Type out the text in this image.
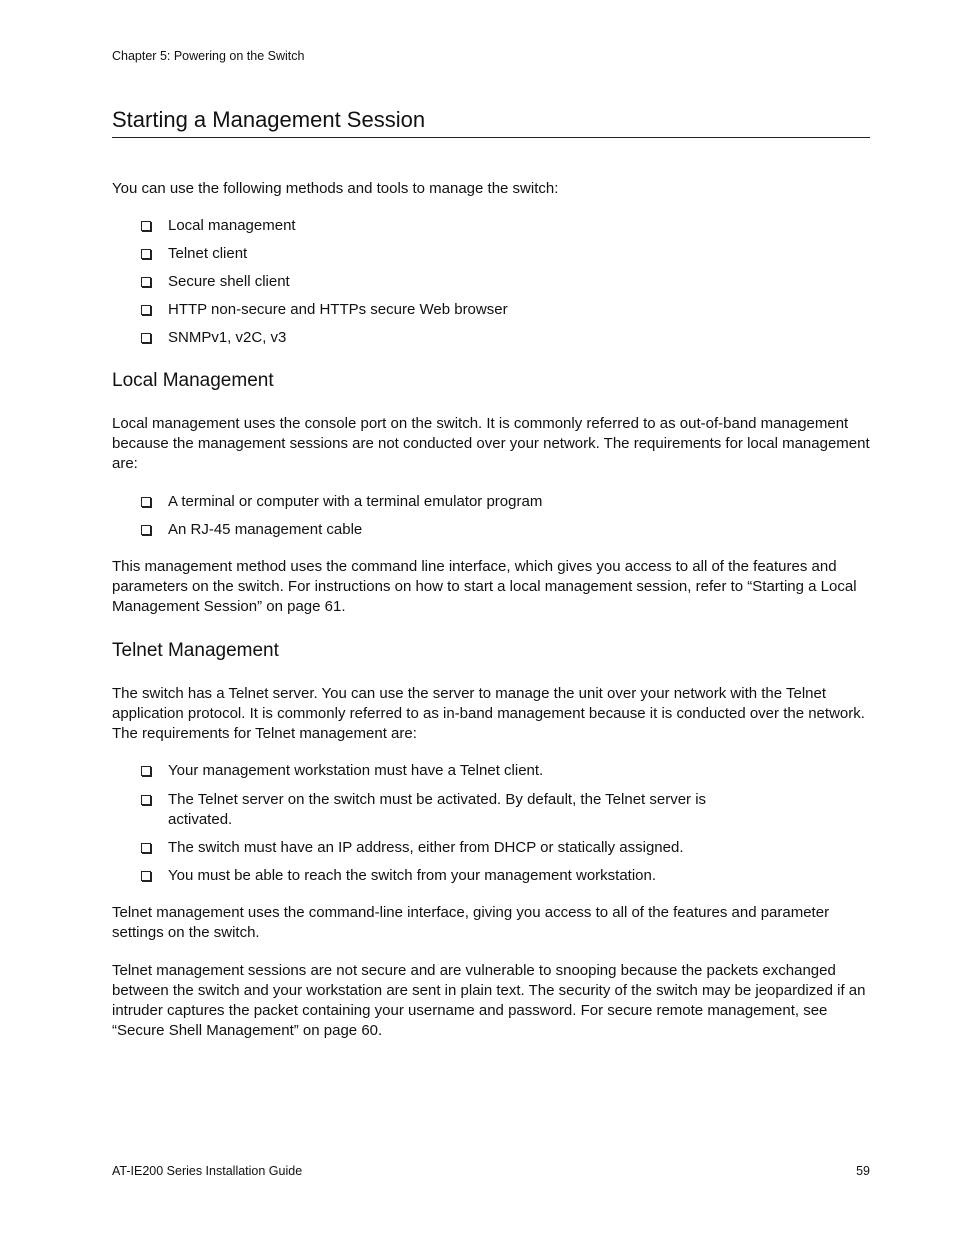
Chapter 5: Powering on the Switch
Starting a Management Session

You can use the following methods and tools to manage the switch:

Local management
Telnet client
Secure shell client
HTTP non-secure and HTTPs secure Web browser
SNMPv1, v2C, v3
Local Management

Local management uses the console port on the switch. It is commonly referred to as out-of-band management because the management sessions are not conducted over your network. The requirements for local management are:

A terminal or computer with a terminal emulator program
An RJ-45 management cable

This management method uses the command line interface, which gives you access to all of the features and parameters on the switch. For instructions on how to start a local management session, refer to “Starting a Local Management Session” on page 61.

Telnet Management

The switch has a Telnet server. You can use the server to manage the unit over your network with the Telnet application protocol. It is commonly referred to as in-band management because it is conducted over the network. The requirements for Telnet management are:

Your management workstation must have a Telnet client.
The Telnet server on the switch must be activated. By default, the Telnet server is activated.
The switch must have an IP address, either from DHCP or statically assigned.
You must be able to reach the switch from your management workstation.

Telnet management uses the command-line interface, giving you access to all of the features and parameter settings on the switch.

Telnet management sessions are not secure and are vulnerable to snooping because the packets exchanged between the switch and your workstation are sent in plain text. The security of the switch may be jeopardized if an intruder captures the packet containing your username and password. For secure remote management, see “Secure Shell Management” on page 60.

AT-IE200 Series Installation Guide	59
